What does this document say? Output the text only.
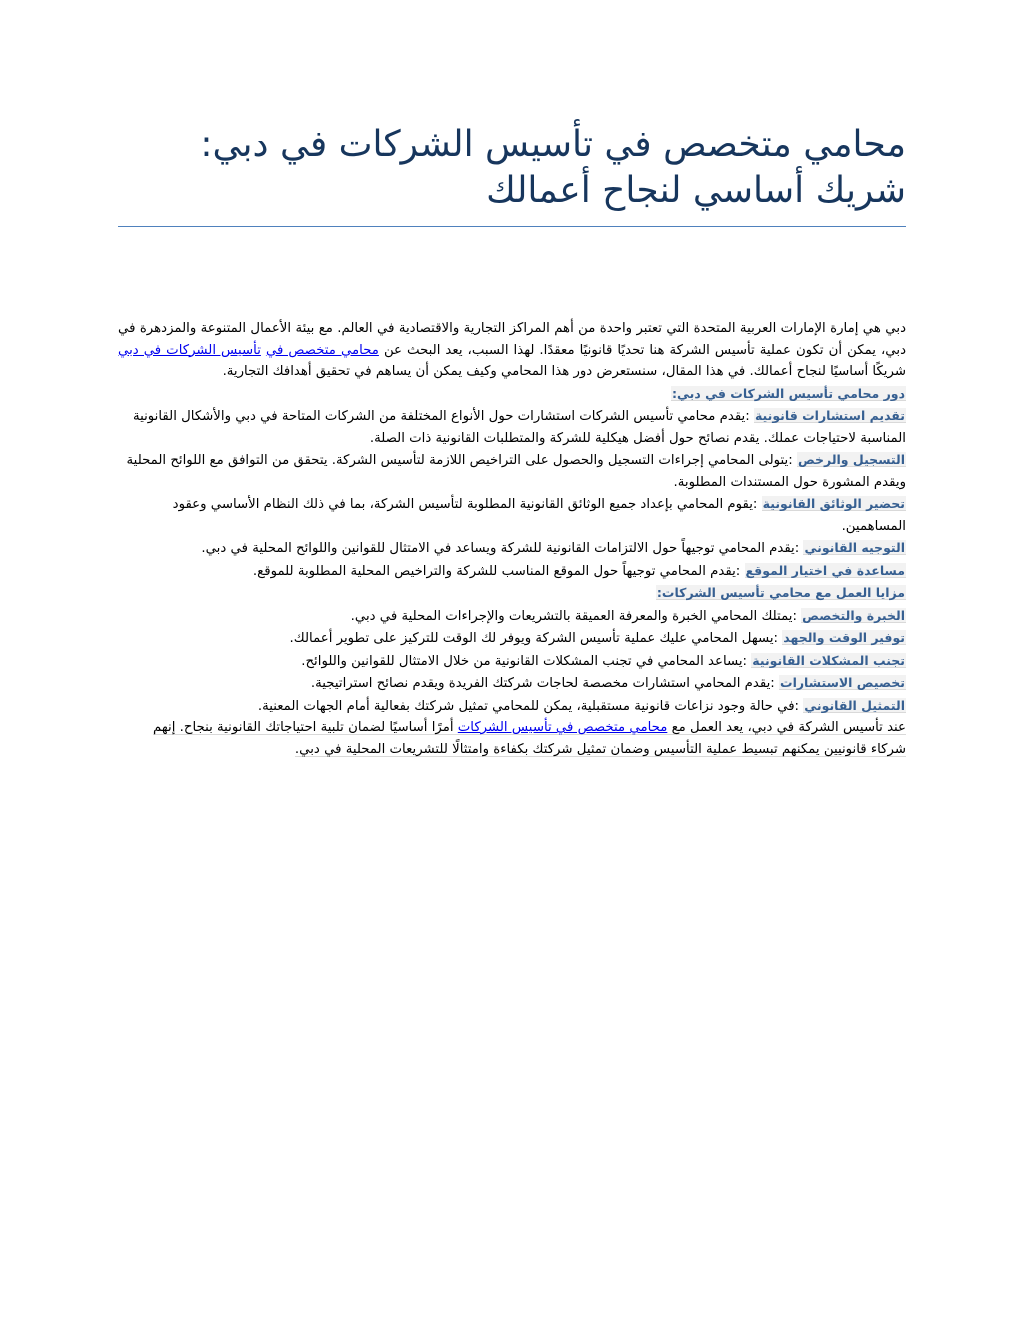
محامي متخصص في تأسيس الشركات في دبي: شريك أساسي لنجاح أعمالك

دبي هي إمارة الإمارات العربية المتحدة التي تعتبر واحدة من أهم المراكز التجارية والاقتصادية في العالم. مع بيئة الأعمال المتنوعة والمزدهرة في دبي، يمكن أن تكون عملية تأسيس الشركة هنا تحديًا قانونيًا معقدًا. لهذا السبب، يعد البحث عن محامي متخصص في تأسيس الشركات في دبي شريكًا أساسيًا لنجاح أعمالك. في هذا المقال، سنستعرض دور هذا المحامي وكيف يمكن أن يساهم في تحقيق أهدافك التجارية.

دور محامي تأسيس الشركات في دبي:

تقديم استشارات قانونية :يقدم محامي تأسيس الشركات استشارات حول الأنواع المختلفة من الشركات المتاحة في دبي والأشكال القانونية المناسبة لاحتياجات عملك. يقدم نصائح حول أفضل هيكلية للشركة والمتطلبات القانونية ذات الصلة.

التسجيل والرخص :يتولى المحامي إجراءات التسجيل والحصول على التراخيص اللازمة لتأسيس الشركة. يتحقق من التوافق مع اللوائح المحلية ويقدم المشورة حول المستندات المطلوبة.

تحضير الوثائق القانونية :يقوم المحامي بإعداد جميع الوثائق القانونية المطلوبة لتأسيس الشركة، بما في ذلك النظام الأساسي وعقود المساهمين.

التوجيه القانوني :يقدم المحامي توجيهاً حول الالتزامات القانونية للشركة ويساعد في الامتثال للقوانين واللوائح المحلية في دبي.

مساعدة في اختيار الموقع :يقدم المحامي توجيهاً حول الموقع المناسب للشركة والتراخيص المحلية المطلوبة للموقع.

مزايا العمل مع محامي تأسيس الشركات:

الخبرة والتخصص :يمتلك المحامي الخبرة والمعرفة العميقة بالتشريعات والإجراءات المحلية في دبي.

توفير الوقت والجهد :يسهل المحامي عليك عملية تأسيس الشركة ويوفر لك الوقت للتركيز على تطوير أعمالك.

تجنب المشكلات القانونية :يساعد المحامي في تجنب المشكلات القانونية من خلال الامتثال للقوانين واللوائح.

تخصيص الاستشارات :يقدم المحامي استشارات مخصصة لحاجات شركتك الفريدة ويقدم نصائح استراتيجية.

التمثيل القانوني :في حالة وجود نزاعات قانونية مستقبلية، يمكن للمحامي تمثيل شركتك بفعالية أمام الجهات المعنية.

عند تأسيس الشركة في دبي، يعد العمل مع محامي متخصص في تأسيس الشركات أمرًا أساسيًا لضمان تلبية احتياجاتك القانونية بنجاح. إنهم شركاء قانونيين يمكنهم تبسيط عملية التأسيس وضمان تمثيل شركتك بكفاءة وامتثالًا للتشريعات المحلية في دبي.
